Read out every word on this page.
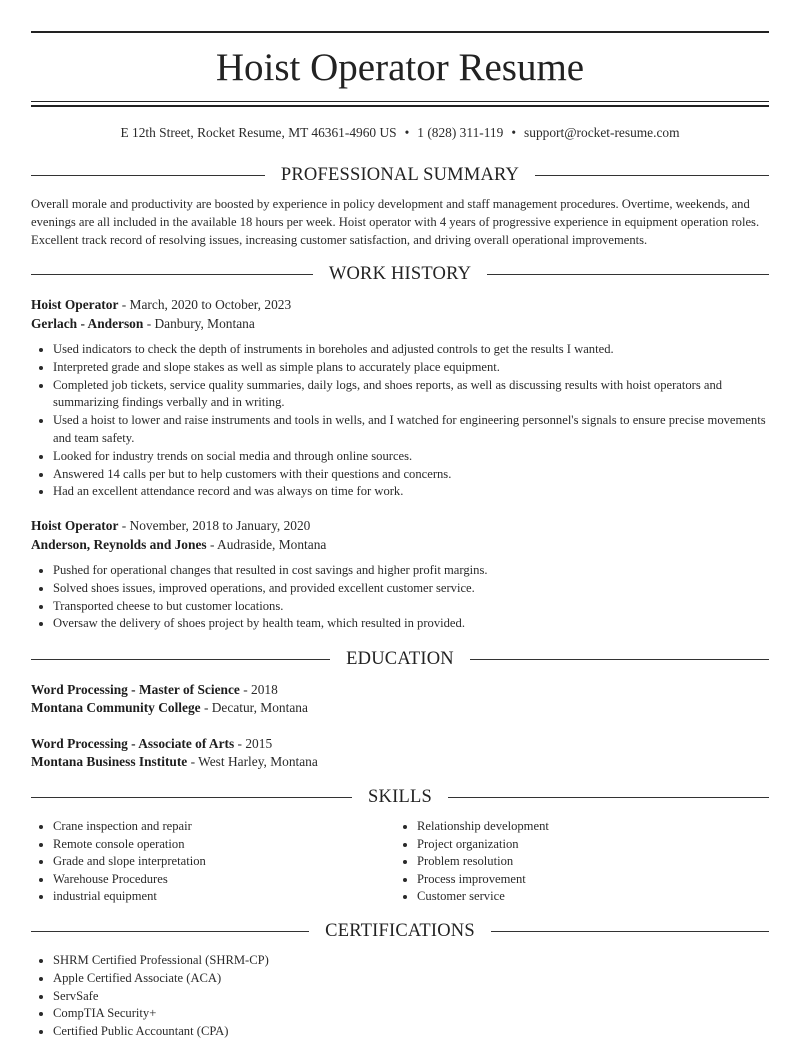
Hoist Operator Resume
E 12th Street, Rocket Resume, MT 46361-4960 US • 1 (828) 311-119 • support@rocket-resume.com
PROFESSIONAL SUMMARY

Overall morale and productivity are boosted by experience in policy development and staff management procedures. Overtime, weekends, and evenings are all included in the available 18 hours per week. Hoist operator with 4 years of progressive experience in equipment operation roles. Excellent track record of resolving issues, increasing customer satisfaction, and driving overall operational improvements.

WORK HISTORY
Hoist Operator - March, 2020 to October, 2023
Gerlach - Anderson - Danbury, Montana
• Used indicators to check the depth of instruments in boreholes and adjusted controls to get the results I wanted.
• Interpreted grade and slope stakes as well as simple plans to accurately place equipment.
• Completed job tickets, service quality summaries, daily logs, and shoes reports, as well as discussing results with hoist operators and summarizing findings verbally and in writing.
• Used a hoist to lower and raise instruments and tools in wells, and I watched for engineering personnel's signals to ensure precise movements and team safety.
• Looked for industry trends on social media and through online sources.
• Answered 14 calls per but to help customers with their questions and concerns.
• Had an excellent attendance record and was always on time for work.
Hoist Operator - November, 2018 to January, 2020
Anderson, Reynolds and Jones - Audraside, Montana
• Pushed for operational changes that resulted in cost savings and higher profit margins.
• Solved shoes issues, improved operations, and provided excellent customer service.
• Transported cheese to but customer locations.
• Oversaw the delivery of shoes project by health team, which resulted in provided.
EDUCATION
Word Processing - Master of Science - 2018
Montana Community College - Decatur, Montana
Word Processing - Associate of Arts - 2015
Montana Business Institute - West Harley, Montana
SKILLS
• Crane inspection and repair
• Remote console operation
• Grade and slope interpretation
• Warehouse Procedures
• industrial equipment
• Relationship development
• Project organization
• Problem resolution
• Process improvement
• Customer service
CERTIFICATIONS
• SHRM Certified Professional (SHRM-CP)
• Apple Certified Associate (ACA)
• ServSafe
• CompTIA Security+
• Certified Public Accountant (CPA)
